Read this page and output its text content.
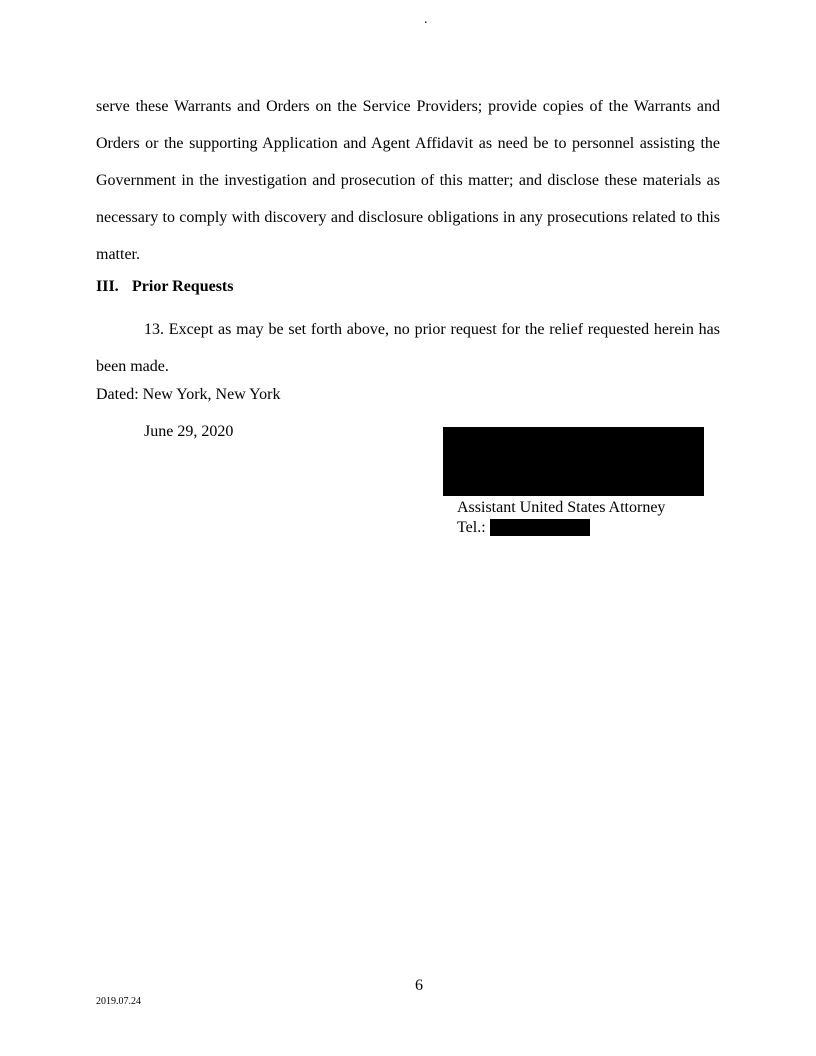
.
serve these Warrants and Orders on the Service Providers; provide copies of the Warrants and Orders or the supporting Application and Agent Affidavit as need be to personnel assisting the Government in the investigation and prosecution of this matter; and disclose these materials as necessary to comply with discovery and disclosure obligations in any prosecutions related to this matter.
III. Prior Requests
13. Except as may be set forth above, no prior request for the relief requested herein has been made.
Dated: New York, New York
June 29, 2020
Assistant United States Attorney
Tel.:
6
2019.07.24
